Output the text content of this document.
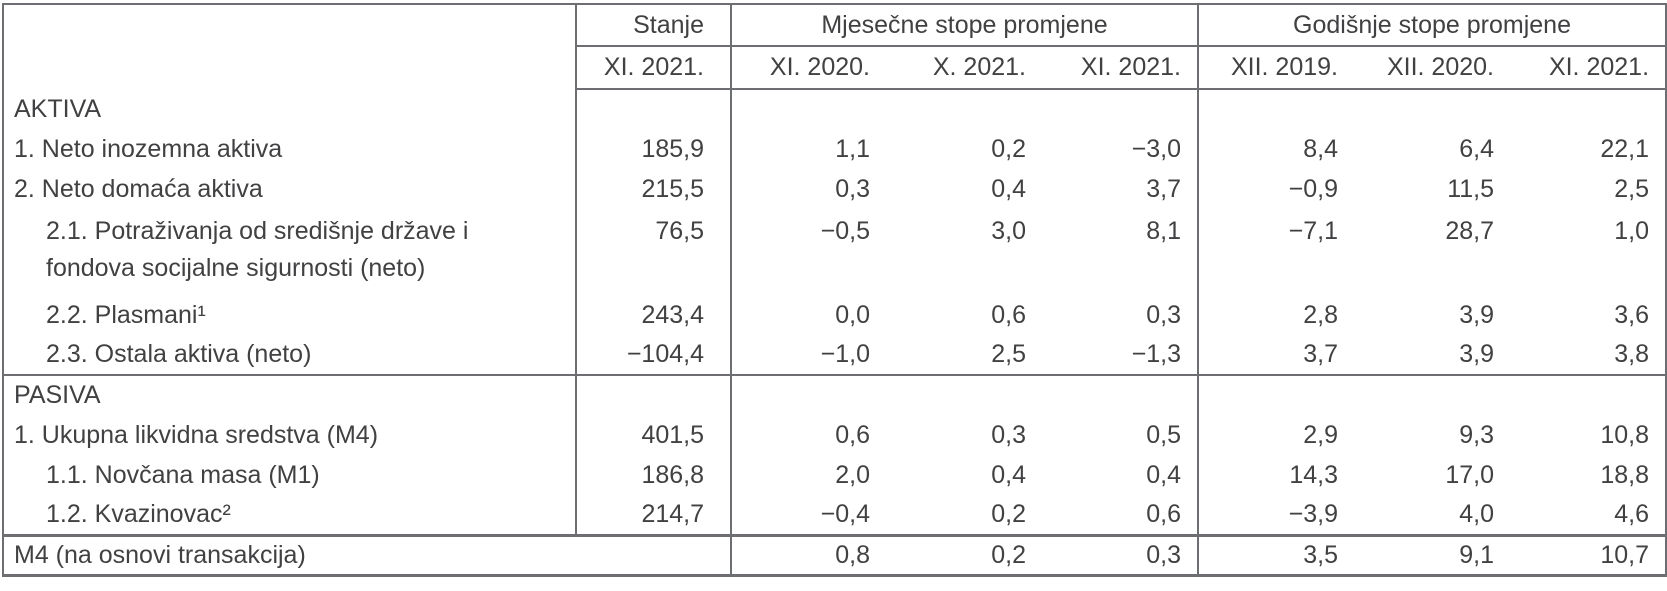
	Stanje	Mjesečne stope promjene			Godišnje stope promjene		
	XI. 2021.	XI. 2020.	X. 2021.	XI. 2021.	XII. 2019.	XII. 2020.	XI. 2021.
AKTIVA							
1. Neto inozemna aktiva	185,9	1,1	0,2	−3,0	8,4	6,4	22,1
2. Neto domaća aktiva	215,5	0,3	0,4	3,7	−0,9	11,5	2,5

2.1. Potraživanja od središnje države i
fondova socijalne sigurnosti (neto)	76,5	−0,5	3,0	8,1	−7,1	28,7	1,0
2.2. Plasmani¹	243,4	0,0	0,6	0,3	2,8	3,9	3,6
2.3. Ostala aktiva (neto)	−104,4	−1,0	2,5	−1,3	3,7	3,9	3,8
PASIVA							
1. Ukupna likvidna sredstva (M4)	401,5	0,6	0,3	0,5	2,9	9,3	10,8
1.1. Novčana masa (M1)	186,8	2,0	0,4	0,4	14,3	17,0	18,8
1.2. Kvazinovac²	214,7	−0,4	0,2	0,6	−3,9	4,0	4,6
M4 (na osnovi transakcija)		0,8	0,2	0,3	3,5	9,1	10,7
